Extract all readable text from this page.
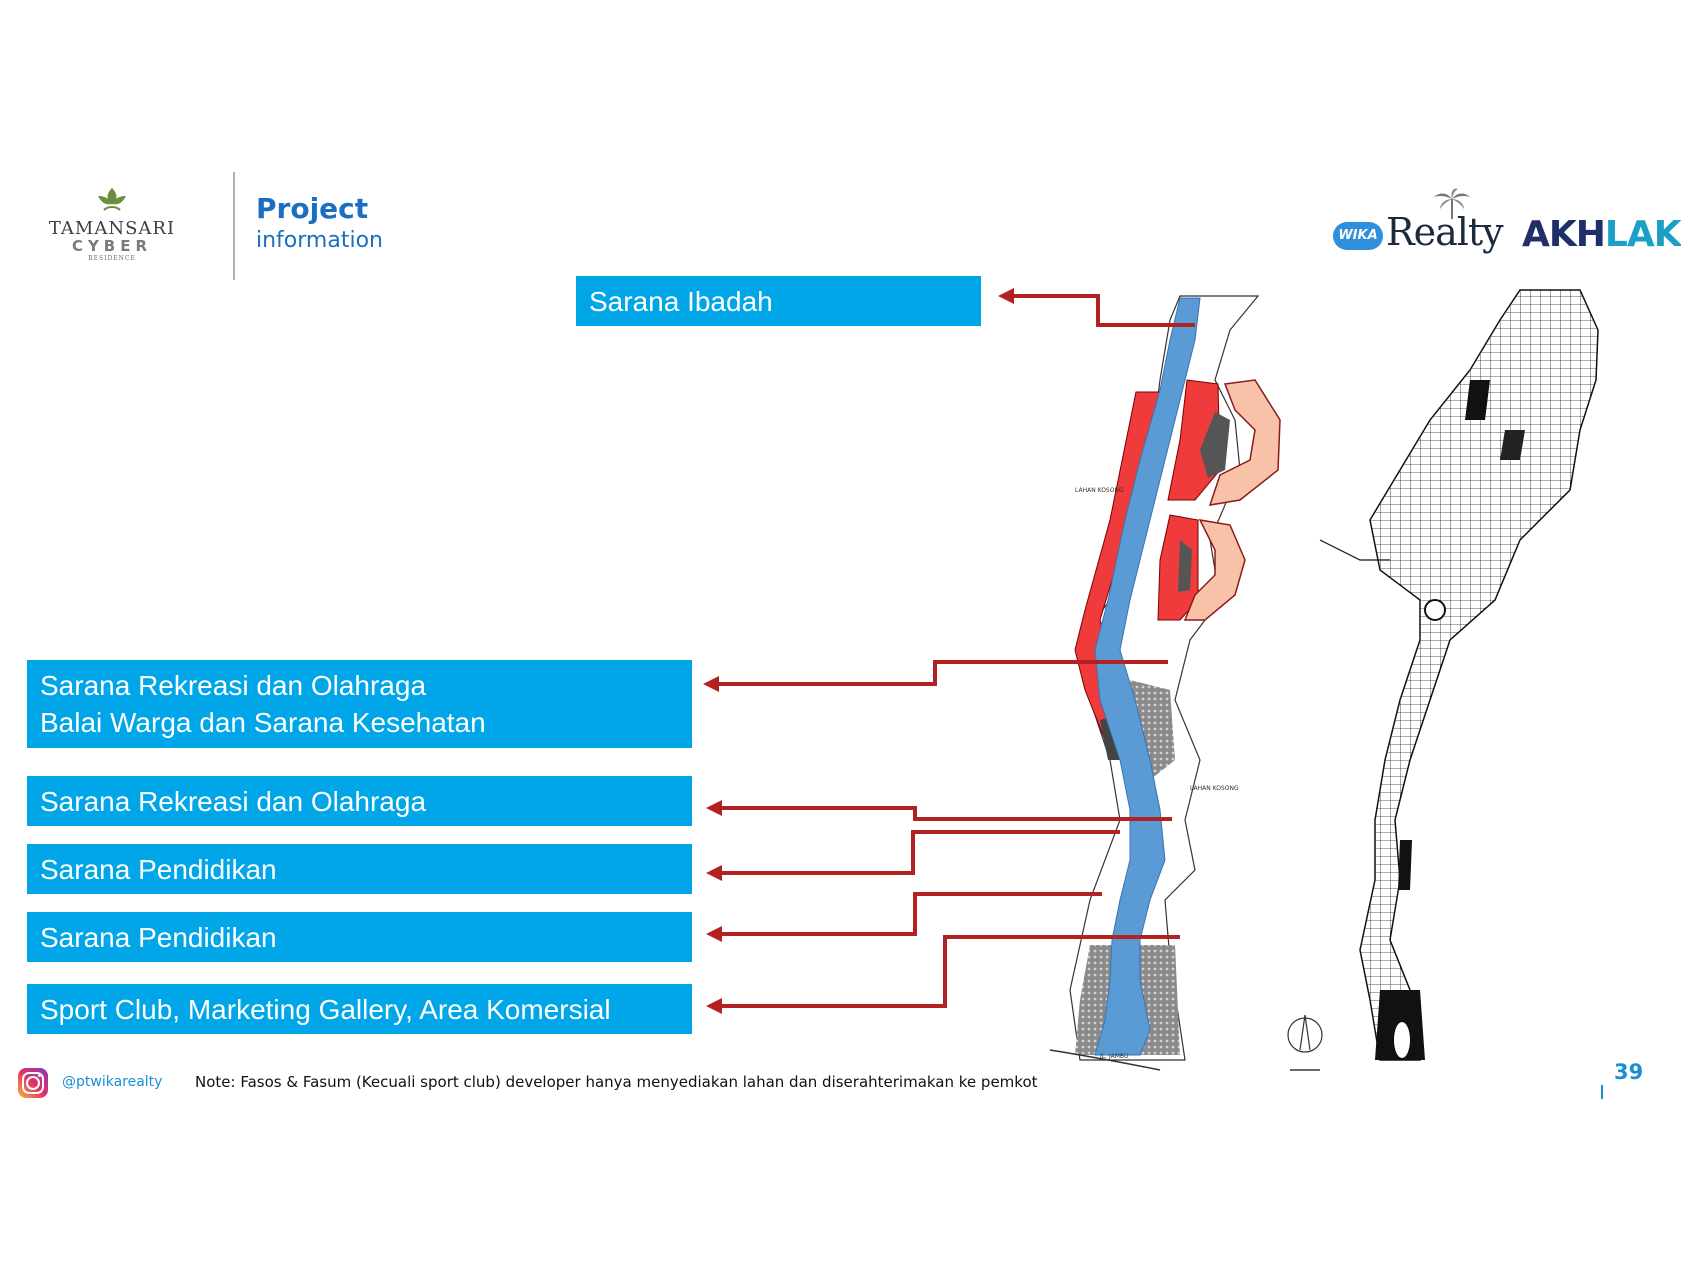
TAMANSARI
CYBER
RESIDENCE
Project
information	WIKA Realty AKHLAK
LAHAN KOSONG
LAHAN KOSONG
JL. JAMBU
Sarana Ibadah
Sarana Rekreasi dan Olahraga
Balai Warga dan Sarana Kesehatan
Sarana Rekreasi dan Olahraga
Sarana Pendidikan
Sarana Pendidikan
Sport Club, Marketing Gallery, Area Komersial
@ptwikarealty Note: Fasos & Fasum (Kecuali sport club) developer hanya menyediakan lahan dan diserahterimakan ke pemkot	39
